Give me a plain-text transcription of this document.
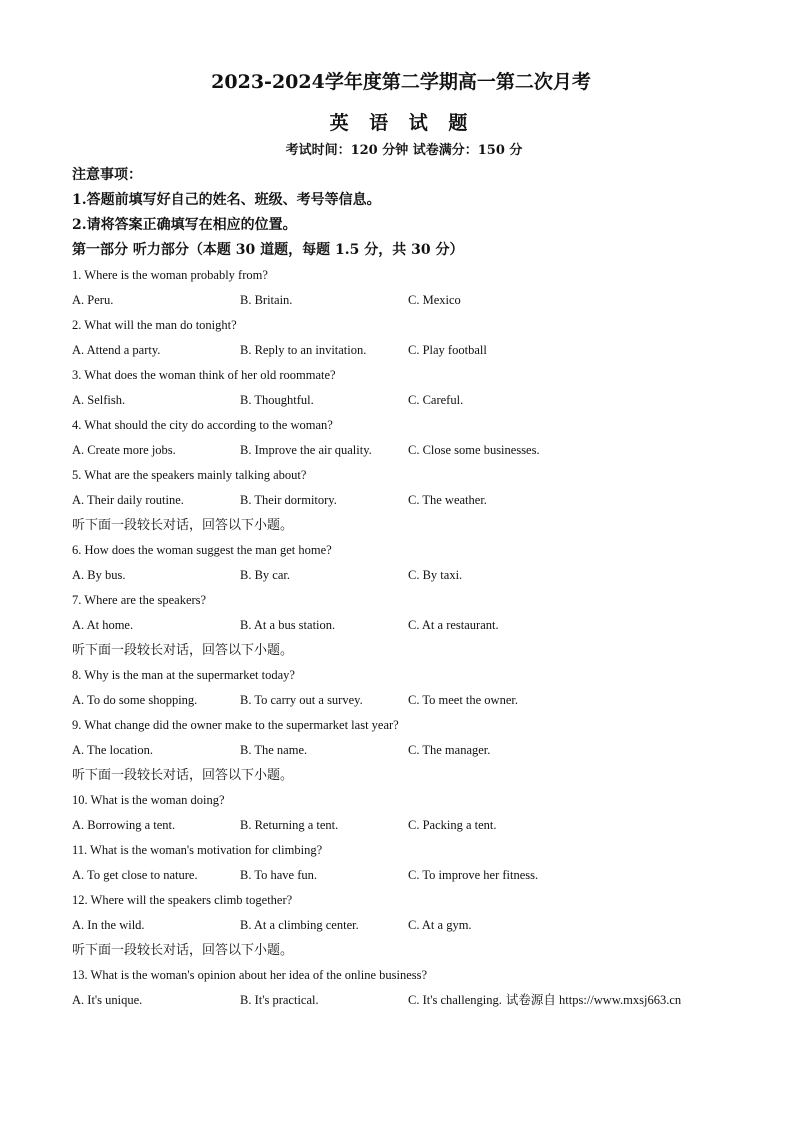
2023-2024学年度第二学期高一第二次月考
英 语 试 题
考试时间：120 分钟 试卷满分：150 分
注意事项：
1.答题前填写好自己的姓名、班级、考号等信息。
2.请将答案正确填写在相应的位置。
第一部分 听力部分（本题 30 道题，每题 1.5 分，共 30 分）
1. Where is the woman probably from?
A. Peru.	B. Britain.	C. Mexico
2. What will the man do tonight?
A. Attend a party.	B. Reply to an invitation.	C. Play football
3. What does the woman think of her old roommate?
A. Selfish.	B. Thoughtful.	C. Careful.
4. What should the city do according to the woman?
A. Create more jobs.	B. Improve the air quality.	C. Close some businesses.
5. What are the speakers mainly talking about?
A. Their daily routine.	B. Their dormitory.	C. The weather.
听下面一段较长对话，回答以下小题。
6. How does the woman suggest the man get home?
A. By bus.	B. By car.	C. By taxi.
7. Where are the speakers?
A. At home.	B. At a bus station.	C. At a restaurant.
听下面一段较长对话，回答以下小题。
8. Why is the man at the supermarket today?
A. To do some shopping.	B. To carry out a survey.	C. To meet the owner.
9. What change did the owner make to the supermarket last year?
A. The location.	B. The name.	C. The manager.
听下面一段较长对话，回答以下小题。
10. What is the woman doing?
A. Borrowing a tent.	B. Returning a tent.	C. Packing a tent.
11. What is the woman's motivation for climbing?
A. To get close to nature.	B. To have fun.	C. To improve her fitness.
12. Where will the speakers climb together?
A. In the wild.	B. At a climbing center.	C. At a gym.
听下面一段较长对话，回答以下小题。
13. What is the woman's opinion about her idea of the online business?
A. It's unique.	B. It's practical.	C. It's challenging. 试卷源自 https://www.mxsj663.cn
